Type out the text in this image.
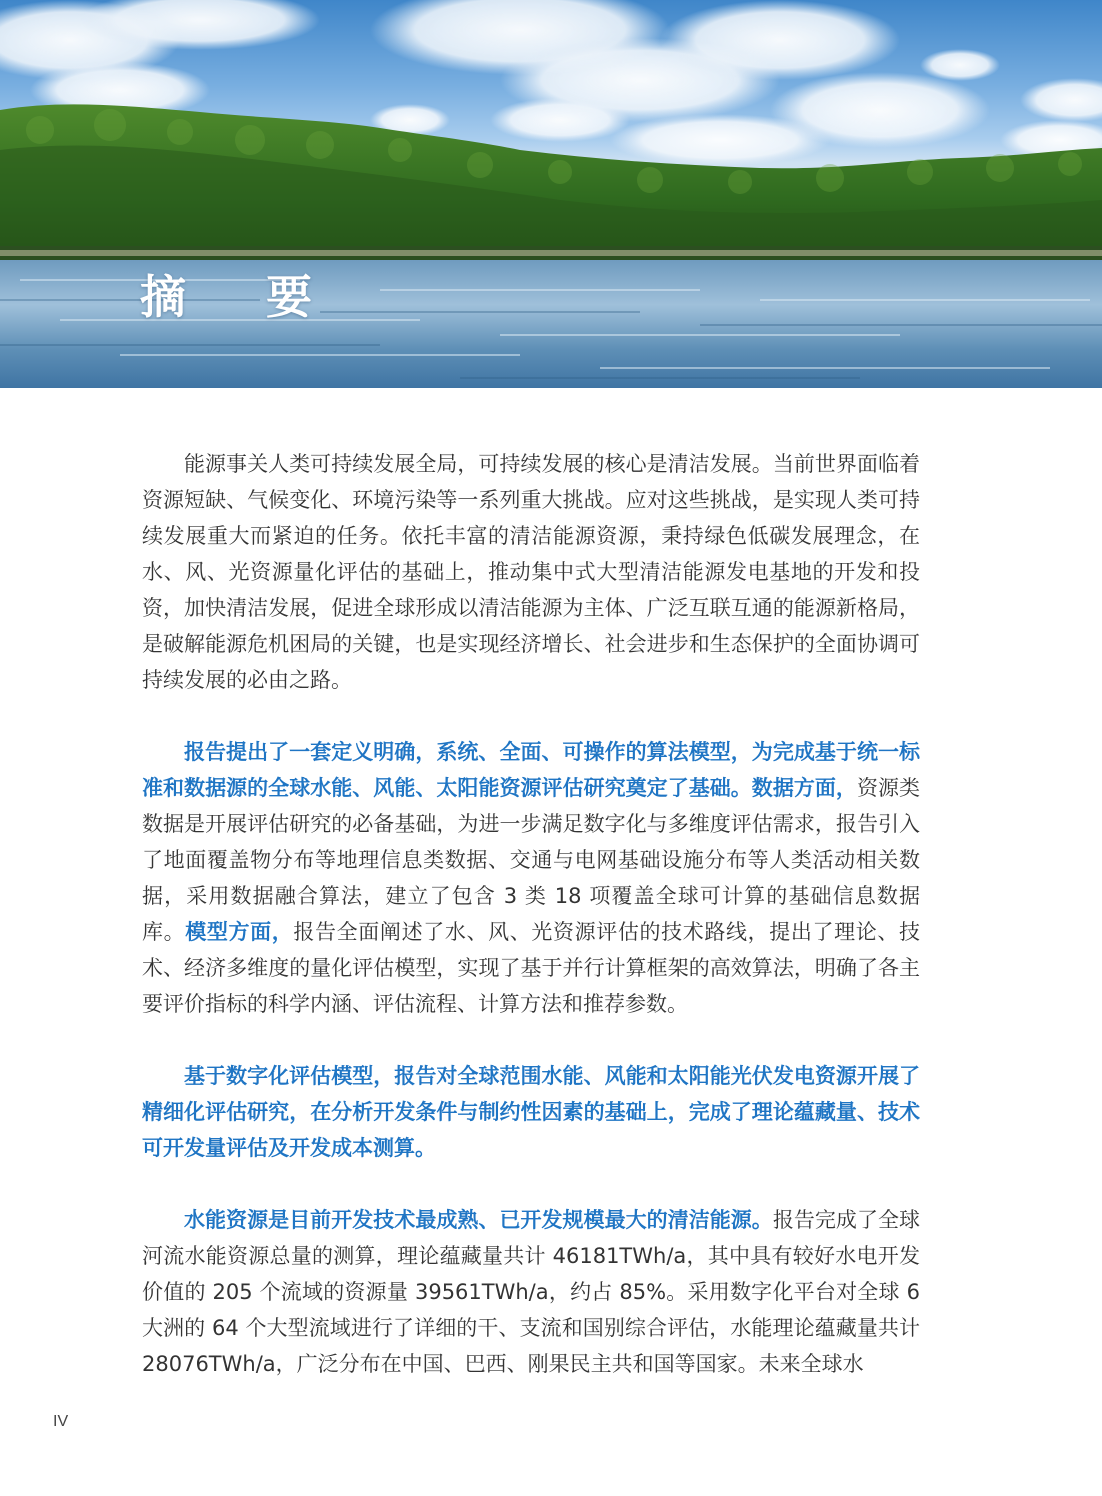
摘 要

能源事关人类可持续发展全局，可持续发展的核心是清洁发展。当前世界面临着资源短缺、气候变化、环境污染等一系列重大挑战。应对这些挑战，是实现人类可持续发展重大而紧迫的任务。依托丰富的清洁能源资源，秉持绿色低碳发展理念，在水、风、光资源量化评估的基础上，推动集中式大型清洁能源发电基地的开发和投资，加快清洁发展，促进全球形成以清洁能源为主体、广泛互联互通的能源新格局，是破解能源危机困局的关键，也是实现经济增长、社会进步和生态保护的全面协调可持续发展的必由之路。

报告提出了一套定义明确，系统、全面、可操作的算法模型，为完成基于统一标准和数据源的全球水能、风能、太阳能资源评估研究奠定了基础。数据方面，资源类数据是开展评估研究的必备基础，为进一步满足数字化与多维度评估需求，报告引入了地面覆盖物分布等地理信息类数据、交通与电网基础设施分布等人类活动相关数据，采用数据融合算法，建立了包含 3 类 18 项覆盖全球可计算的基础信息数据库。模型方面，报告全面阐述了水、风、光资源评估的技术路线，提出了理论、技术、经济多维度的量化评估模型，实现了基于并行计算框架的高效算法，明确了各主要评价指标的科学内涵、评估流程、计算方法和推荐参数。

基于数字化评估模型，报告对全球范围水能、风能和太阳能光伏发电资源开展了精细化评估研究，在分析开发条件与制约性因素的基础上，完成了理论蕴藏量、技术可开发量评估及开发成本测算。

水能资源是目前开发技术最成熟、已开发规模最大的清洁能源。报告完成了全球河流水能资源总量的测算，理论蕴藏量共计 46181TWh/a，其中具有较好水电开发价值的 205 个流域的资源量 39561TWh/a，约占 85%。采用数字化平台对全球 6 大洲的 64 个大型流域进行了详细的干、支流和国别综合评估，水能理论蕴藏量共计 28076TWh/a，广泛分布在中国、巴西、刚果民主共和国等国家。未来全球水

IV
